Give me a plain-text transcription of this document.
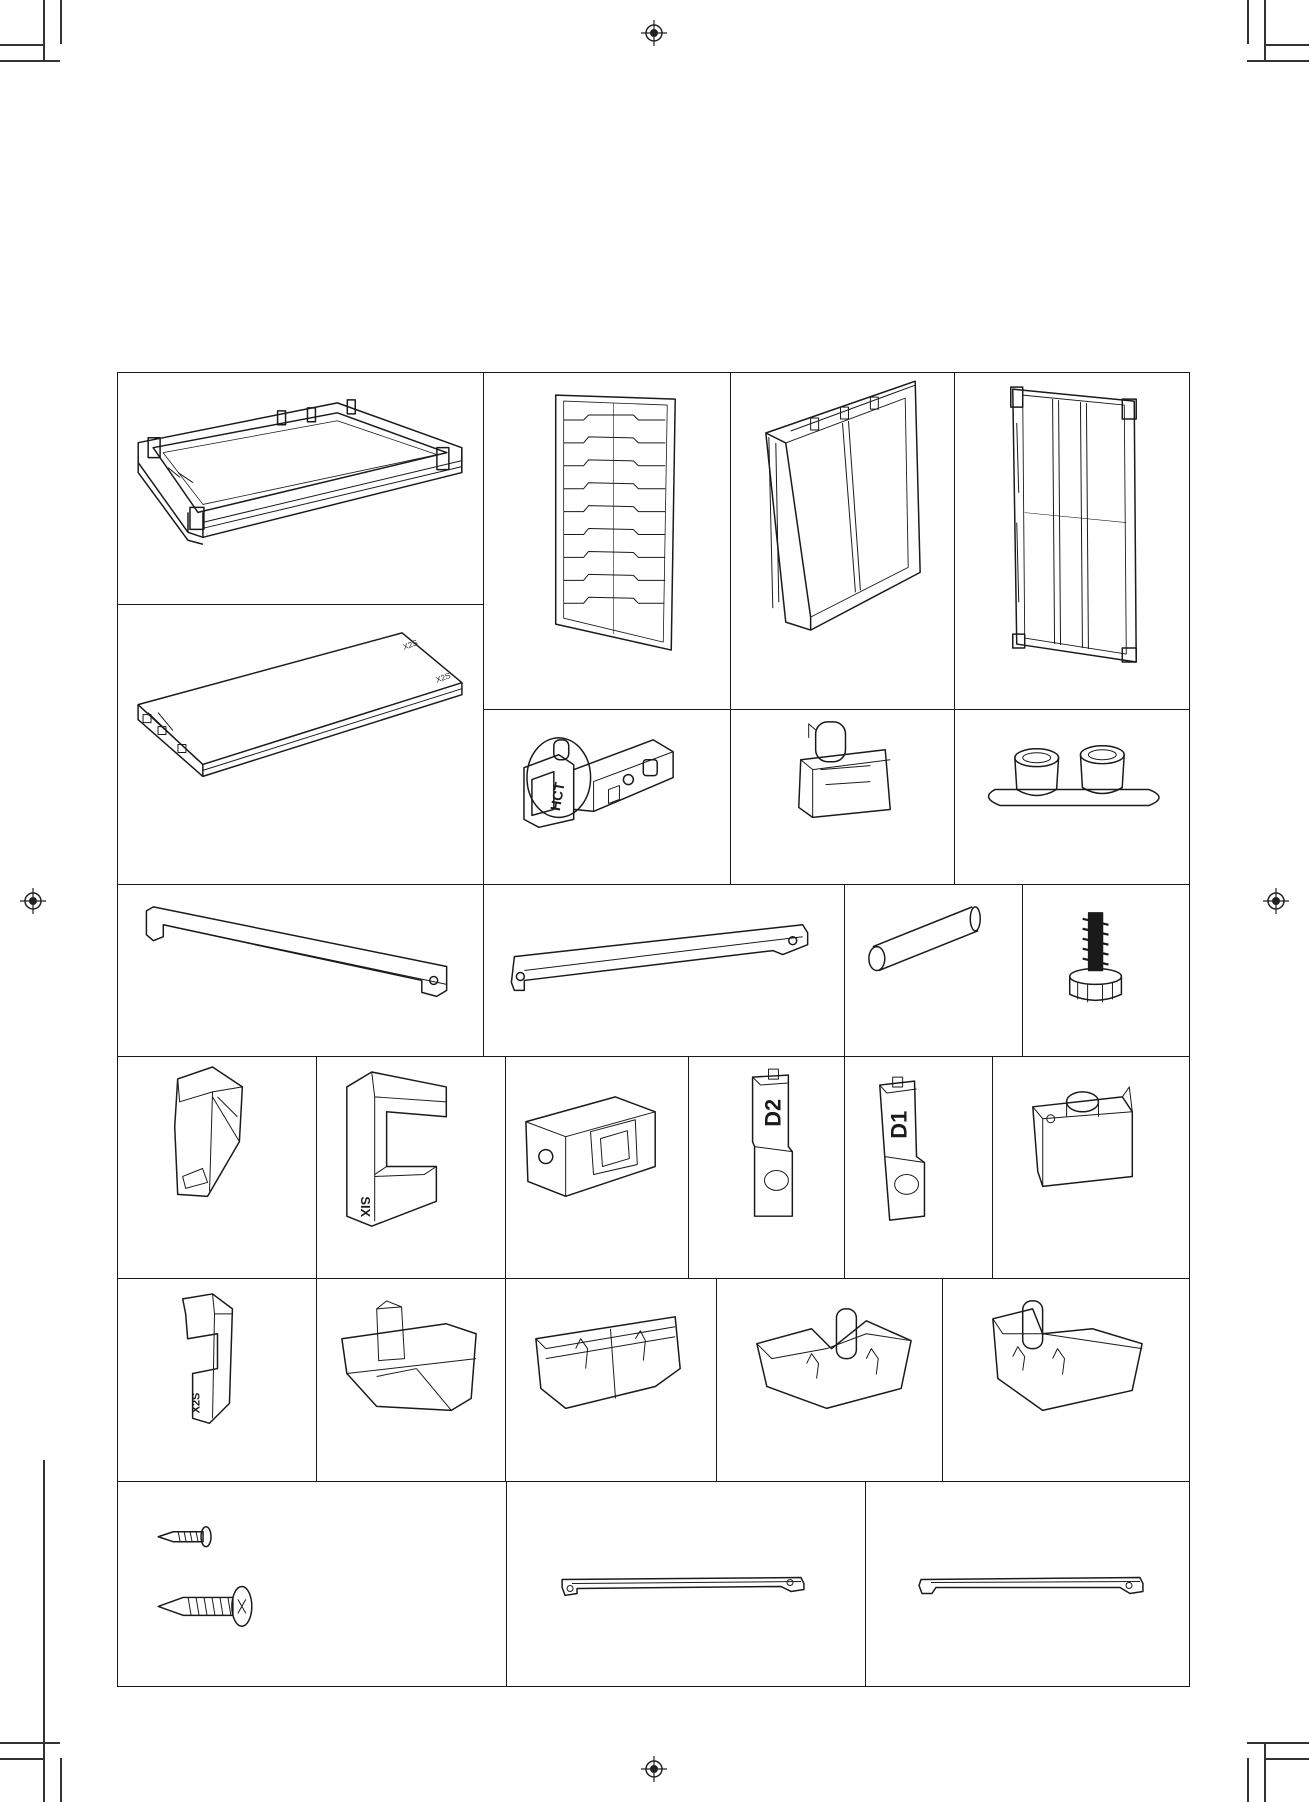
X2S
X2S
HCT
SIX
D2	D1
X2S
